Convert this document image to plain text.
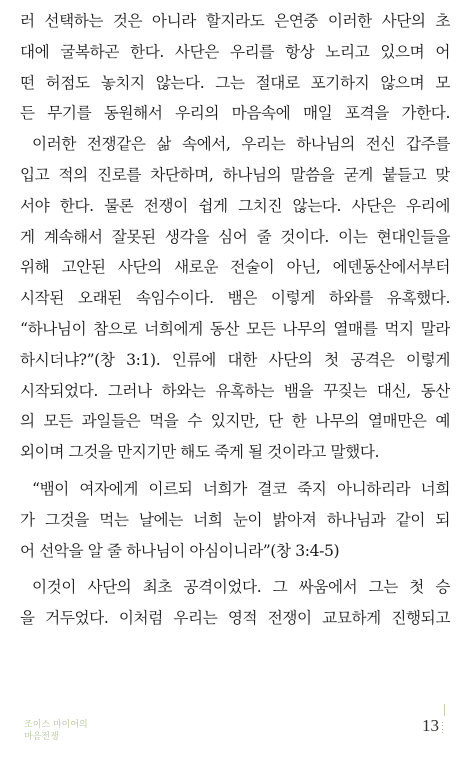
러 선택하는 것은 아니라 할지라도 은연중 이러한 사단의 초
대에 굴복하곤 한다. 사단은 우리를 항상 노리고 있으며 어
떤 허점도 놓치지 않는다. 그는 절대로 포기하지 않으며 모
든 무기를 동원해서 우리의 마음속에 매일 포격을 가한다.
이러한 전쟁같은 삶 속에서, 우리는 하나님의 전신 갑주를
입고 적의 진로를 차단하며, 하나님의 말씀을 굳게 붙들고 맞
서야 한다. 물론 전쟁이 쉽게 그치진 않는다. 사단은 우리에
게 계속해서 잘못된 생각을 심어 줄 것이다. 이는 현대인들을
위해 고안된 사단의 새로운 전술이 아닌, 에덴동산에서부터
시작된 오래된 속임수이다. 뱀은 이렇게 하와를 유혹했다.
“하나님이 참으로 너희에게 동산 모든 나무의 열매를 먹지 말라
하시더냐?”(창 3:1). 인류에 대한 사단의 첫 공격은 이렇게
시작되었다. 그러나 하와는 유혹하는 뱀을 꾸짖는 대신, 동산
의 모든 과일들은 먹을 수 있지만, 단 한 나무의 열매만은 예
외이며 그것을 만지기만 해도 죽게 될 것이라고 말했다.
“뱀이 여자에게 이르되 너희가 결코 죽지 아니하리라 너희
가 그것을 먹는 날에는 너희 눈이 밝아져 하나님과 같이 되
어 선악을 알 줄 하나님이 아심이니라”(창 3:4-5)
이것이 사단의 최초 공격이었다. 그 싸움에서 그는 첫 승
을 거두었다. 이처럼 우리는 영적 전쟁이 교묘하게 진행되고
조이스 마이어의
마음전쟁
13 :
:
